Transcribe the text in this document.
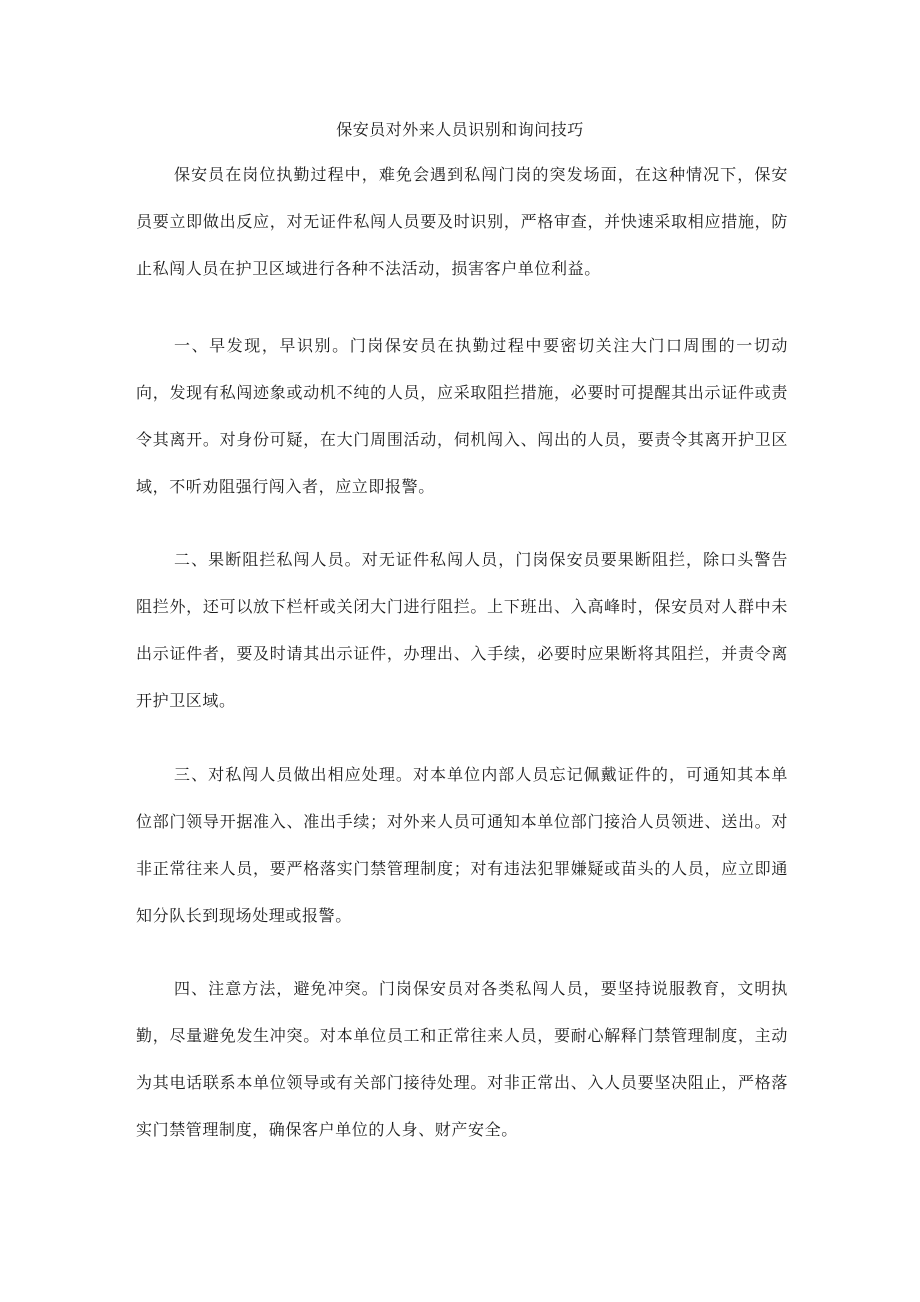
保安员对外来人员识别和询问技巧

保安员在岗位执勤过程中，难免会遇到私闯门岗的突发场面，在这种情况下，保安员要立即做出反应，对无证件私闯人员要及时识别，严格审查，并快速采取相应措施，防止私闯人员在护卫区域进行各种不法活动，损害客户单位利益。

一、早发现，早识别。门岗保安员在执勤过程中要密切关注大门口周围的一切动向，发现有私闯迹象或动机不纯的人员，应采取阻拦措施，必要时可提醒其出示证件或责令其离开。对身份可疑，在大门周围活动，伺机闯入、闯出的人员，要责令其离开护卫区域，不听劝阻强行闯入者，应立即报警。

二、果断阻拦私闯人员。对无证件私闯人员，门岗保安员要果断阻拦，除口头警告阻拦外，还可以放下栏杆或关闭大门进行阻拦。上下班出、入高峰时，保安员对人群中未出示证件者，要及时请其出示证件，办理出、入手续，必要时应果断将其阻拦，并责令离开护卫区域。

三、对私闯人员做出相应处理。对本单位内部人员忘记佩戴证件的，可通知其本单位部门领导开据准入、准出手续；对外来人员可通知本单位部门接洽人员领进、送出。对非正常往来人员，要严格落实门禁管理制度；对有违法犯罪嫌疑或苗头的人员，应立即通知分队长到现场处理或报警。

四、注意方法，避免冲突。门岗保安员对各类私闯人员，要坚持说服教育，文明执勤，尽量避免发生冲突。对本单位员工和正常往来人员，要耐心解释门禁管理制度，主动为其电话联系本单位领导或有关部门接待处理。对非正常出、入人员要坚决阻止，严格落实门禁管理制度，确保客户单位的人身、财产安全。
